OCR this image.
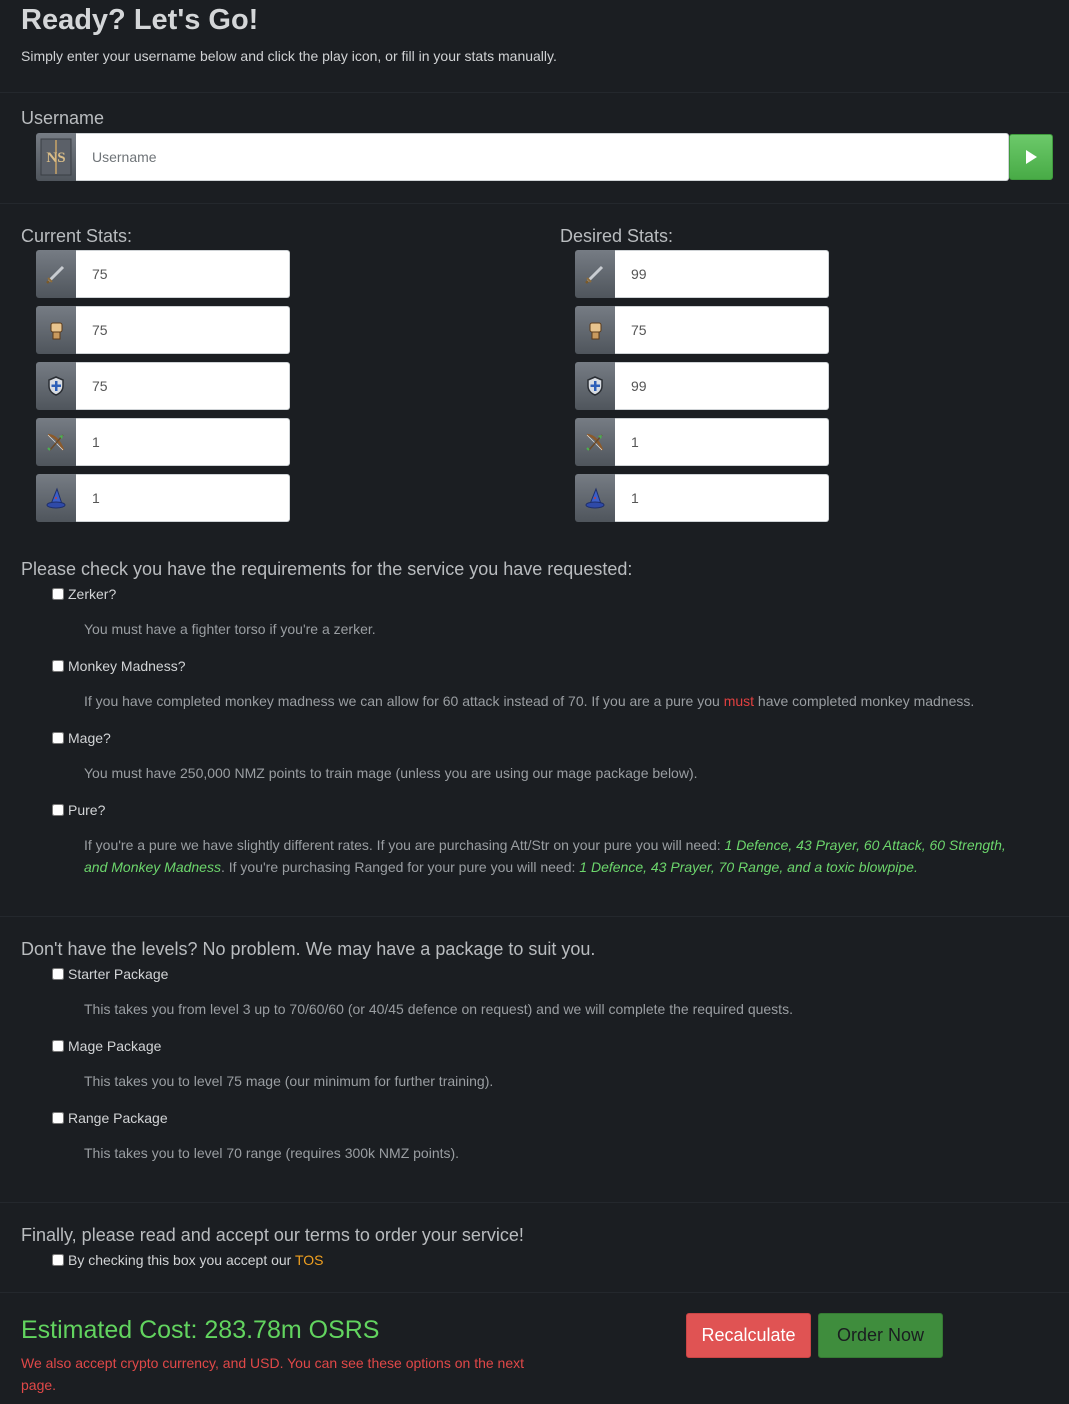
Ready? Let's Go!
Simply enter your username below and click the play icon, or fill in your stats manually.
Username
NS
Username
Current Stats:
75
75
75
1
1	Desired Stats:
99
75
99
1
1
Please check you have the requirements for the service you have requested:
Zerker?
You must have a fighter torso if you're a zerker.
Monkey Madness?
If you have completed monkey madness we can allow for 60 attack instead of 70. If you are a pure you must have completed monkey madness.
Mage?
You must have 250,000 NMZ points to train mage (unless you are using our mage package below).
Pure?
If you're a pure we have slightly different rates. If you are purchasing Att/Str on your pure you will need: 1 Defence, 43 Prayer, 60 Attack, 60 Strength, and Monkey Madness. If you're purchasing Ranged for your pure you will need: 1 Defence, 43 Prayer, 70 Range, and a toxic blowpipe.
Don't have the levels? No problem. We may have a package to suit you.
Starter Package
This takes you from level 3 up to 70/60/60 (or 40/45 defence on request) and we will complete the required quests.
Mage Package
This takes you to level 75 mage (our minimum for further training).
Range Package
This takes you to level 70 range (requires 300k NMZ points).
Finally, please read and accept our terms to order your service!
By checking this box you accept our TOS
Estimated Cost: 283.78m OSRS
We also accept crypto currency, and USD. You can see these options on the next page.
Recalculate	Order Now
